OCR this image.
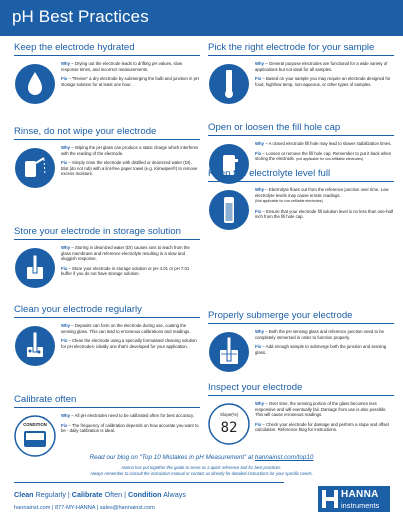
pH Best Practices
Keep the electrode hydrated

Why – Drying out the electrode leads to drifting pH values, slow response times, and incorrect measurements.

Fix – “Revive” a dry electrode by submerging the bulb and junction in pH storage solution for at least one hour.

Rinse, do not wipe your electrode

Why – Wiping the pH glass can produce a static charge which interferes with the reading of the electrode.

Fix – Simply rinse the electrode with distilled or deionized water (DI). Blot (do not rub) with a lint-free paper towel (e.g. Kimwipes®) to remove excess moisture.

Store your electrode in storage solution

Why – Storing in deionized water (DI) causes ions to leach from the glass membrane and reference electrolyte resulting in a slow and sluggish response.

Fix – Store your electrode in storage solution or pH 4.01 or pH 7.01 buffer if you do not have storage solution.

Clean your electrode regularly

Why – Deposits can form on the electrode during use, coating the sensing glass. This can lead to erroneous calibrations and readings.

Fix – Clean the electrode using a specially formulated cleaning solution for pH electrodes- ideally one that’s developed for your application.

Calibrate often
CONDITION

Why – All pH electrodes need to be calibrated often for best accuracy.

Fix – The frequency of calibration depends on how accurate you want to be - daily calibration is ideal.

Pick the right electrode for your sample

Why – General purpose electrodes are functional for a wide variety of applications but not ideal for all samples.

Fix – Based on your sample you may require an electrode designed for food, high/low temp, non-aqueous, or other types of samples.

Open or loosen the fill hole cap

Why – A closed electrode fill hole may lead to slower stabilization times.

Fix – Loosen or remove the fill hole cap. Remember to put it back when storing the electrode. (not applicable for non-refillable electrodes)

Keep the electrolyte level full

Why – Electrolyte flows out from the reference junction over time. Low electrolyte levels may cause erratic readings.
(Not applicable for non-refillable electrodes)

Fix – Ensure that your electrode fill solution level is no less than one-half inch from the fill hole cap.

Properly submerge your electrode

Why – Both the pH sensing glass and reference junction need to be completely immersed in order to function properly.

Fix – Add enough sample to submerge both the junction and sensing glass.

Inspect your electrode
Slope(%)
82

Why – Over time, the sensing portion of the glass becomes less responsive and will eventually fail. Damage from use is also possible. This will cause erroneous readings.

Fix – Check your electrode for damage and perform a slope and offset calculation. Reference blog for instructions.

Read our blog on “Top 10 Mistakes in pH Measurement” at hannainst.com/top10
Hanna has put together this guide to serve as a quick reference tool for best practices.
Always remember to consult the instruction manual or contact us directly for detailed instructions for your specific needs.
Clean Regularly | Calibrate Often | Condition Always
hannainst.com | 877-MY-HANNA | sales@hannainst.com
HANNA
instruments
